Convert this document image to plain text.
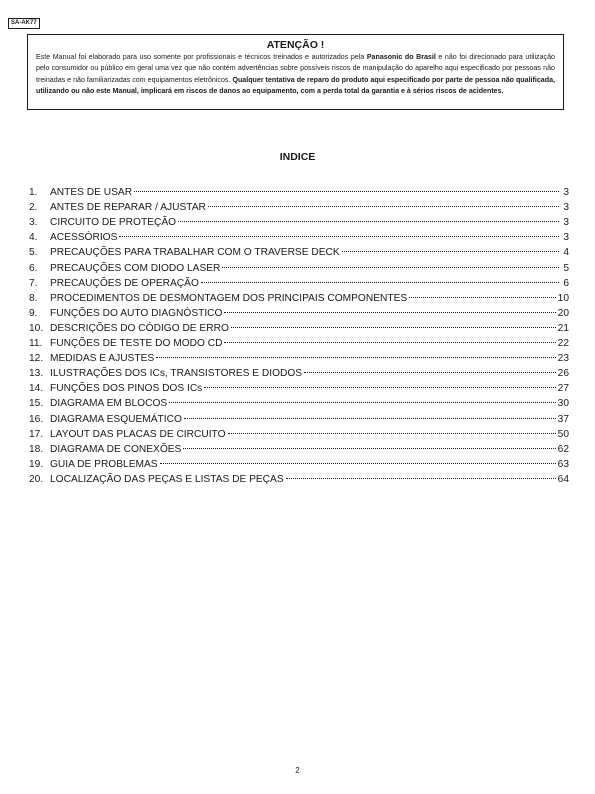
SA-AK77
ATENÇÃO !

Este Manual foi elaborado para uso somente por profissionais e técnicos treinados e autorizados pela Panasonic do Brasil e não foi direcionado para utilização pelo consumidor ou público em geral uma vez que não contém advertências sobre possíveis riscos de manipulação do aparelho aqui especificado por pessoas não treinadas e não familiarizadas com equipamentos eletrônicos. Qualquer tentativa de reparo do produto aqui especificado por parte de pessoa não qualificada, utilizando ou não este Manual, implicará em riscos de danos ao equipamento, com a perda total da garantia e à sérios riscos de acidentes.

INDICE
1.	ANTES DE USAR	3
2.	ANTES DE REPARAR / AJUSTAR	3
3.	CIRCUITO DE PROTEÇÃO	3
4.	ACESSÓRIOS	3
5.	PRECAUÇÕES PARA TRABALHAR COM O TRAVERSE DECK	4
6.	PRECAUÇÕES COM DIODO LASER	5
7.	PRECAUÇÕES DE OPERAÇÃO	6
8.	PROCEDIMENTOS DE DESMONTAGEM DOS PRINCIPAIS COMPONENTES	10
9.	FUNÇÕES DO AUTO DIAGNÓSTICO	20
10. DESCRIÇÕES DO CÓDIGO DE ERRO	21
11. FUNÇÕES DE TESTE DO MODO CD	22
12. MEDIDAS E AJUSTES	23
13. ILUSTRAÇÕES DOS ICs, TRANSISTORES E DIODOS	26
14. FUNÇÕES DOS PINOS DOS ICs	27
15. DIAGRAMA EM BLOCOS	30
16. DIAGRAMA ESQUEMÁTICO	37
17. LAYOUT DAS PLACAS DE CIRCUITO	50
18. DIAGRAMA DE CONEXÕES	62
19. GUIA DE PROBLEMAS	63
20. LOCALIZAÇÃO DAS PEÇAS E LISTAS DE PEÇAS	64
2
